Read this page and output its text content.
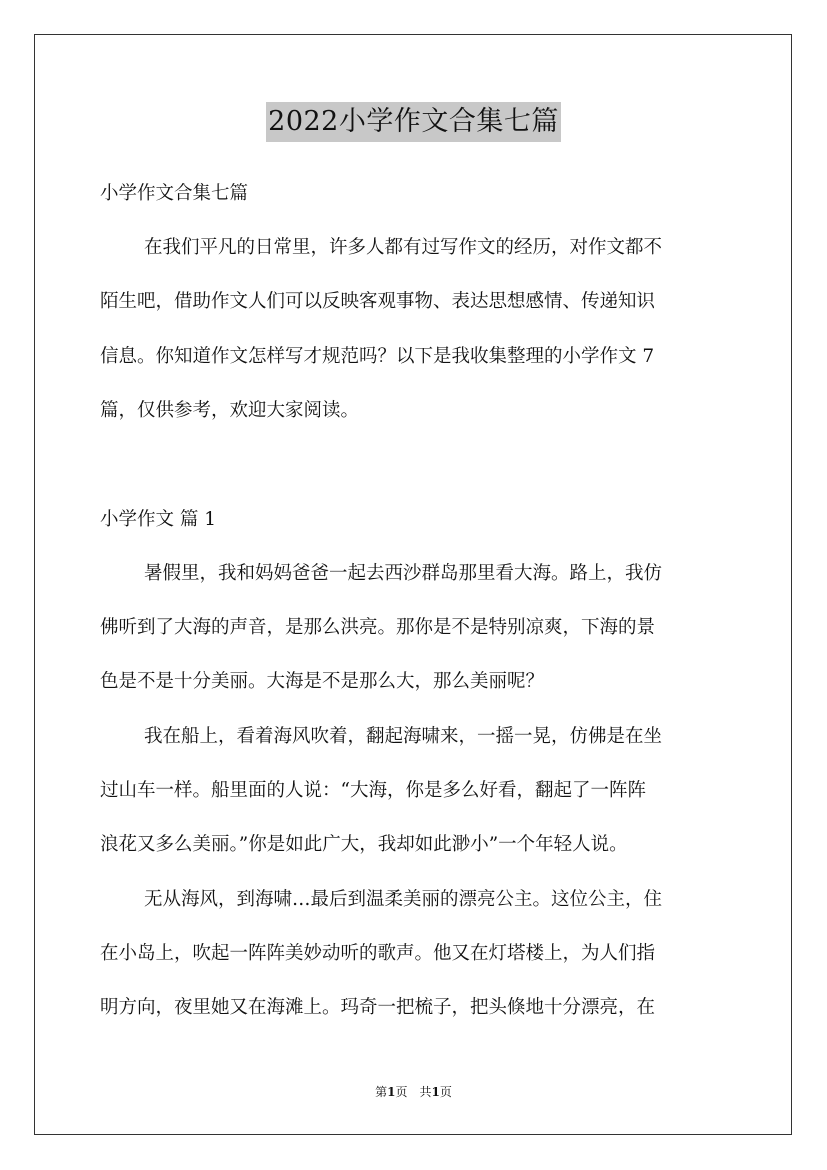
2022小学作文合集七篇
小学作文合集七篇
在我们平凡的日常里，许多人都有过写作文的经历，对作文都不
陌生吧，借助作文人们可以反映客观事物、表达思想感情、传递知识
信息。你知道作文怎样写才规范吗？以下是我收集整理的小学作文 7
篇，仅供参考，欢迎大家阅读。
小学作文 篇 1
暑假里，我和妈妈爸爸一起去西沙群岛那里看大海。路上，我仿
佛听到了大海的声音，是那么洪亮。那你是不是特别凉爽，下海的景
色是不是十分美丽。大海是不是那么大，那么美丽呢？
我在船上，看着海风吹着，翻起海啸来，一摇一晃，仿佛是在坐
过山车一样。船里面的人说：“大海，你是多么好看，翻起了一阵阵
浪花又多么美丽。”你是如此广大，我却如此渺小”一个年轻人说。
无从海风，到海啸…最后到温柔美丽的漂亮公主。这位公主，住
在小岛上，吹起一阵阵美妙动听的歌声。他又在灯塔楼上，为人们指
明方向，夜里她又在海滩上。玛奇一把梳子，把头倏地十分漂亮，在
第1页　共1页
